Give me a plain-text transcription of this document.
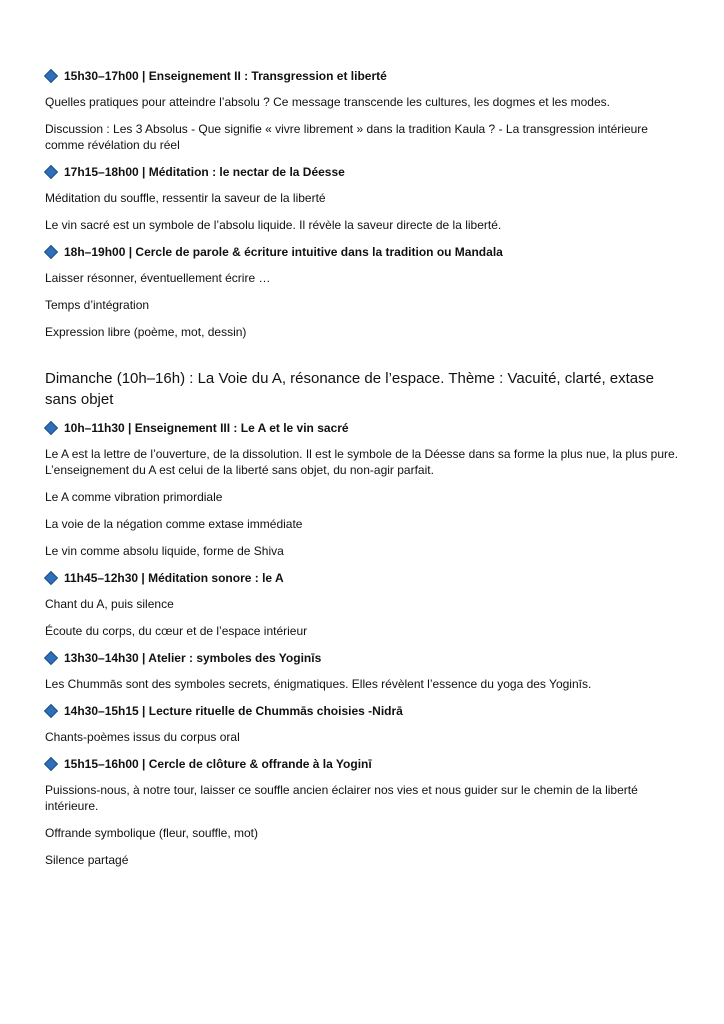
15h30–17h00 | Enseignement II : Transgression et liberté

Quelles pratiques pour atteindre l’absolu ? Ce message transcende les cultures, les dogmes et les modes.

Discussion : Les 3 Absolus - Que signifie « vivre librement » dans la tradition Kaula ? - La transgression intérieure comme révélation du réel

17h15–18h00 | Méditation : le nectar de la Déesse

Méditation du souffle, ressentir la saveur de la liberté

Le vin sacré est un symbole de l’absolu liquide. Il révèle la saveur directe de la liberté.

18h–19h00 | Cercle de parole & écriture intuitive dans la tradition ou Mandala

Laisser résonner, éventuellement écrire …

Temps d’intégration

Expression libre (poème, mot, dessin)

Dimanche (10h–16h) : La Voie du A, résonance de l’espace. Thème : Vacuité, clarté, extase sans objet
10h–11h30 | Enseignement III : Le A et le vin sacré

Le A est la lettre de l’ouverture, de la dissolution. Il est le symbole de la Déesse dans sa forme la plus nue, la plus pure. L’enseignement du A est celui de la liberté sans objet, du non-agir parfait.

Le A comme vibration primordiale

La voie de la négation comme extase immédiate

Le vin comme absolu liquide, forme de Shiva

11h45–12h30 | Méditation sonore : le A

Chant du A, puis silence

Écoute du corps, du cœur et de l’espace intérieur

13h30–14h30 | Atelier : symboles des Yoginīs

Les Chummās sont des symboles secrets, énigmatiques. Elles révèlent l’essence du yoga des Yoginīs.

14h30–15h15 | Lecture rituelle de Chummās choisies -Nidrā

Chants-poèmes issus du corpus oral

15h15–16h00 | Cercle de clôture & offrande à la Yoginī

Puissions-nous, à notre tour, laisser ce souffle ancien éclairer nos vies et nous guider sur le chemin de la liberté intérieure.

Offrande symbolique (fleur, souffle, mot)

Silence partagé
